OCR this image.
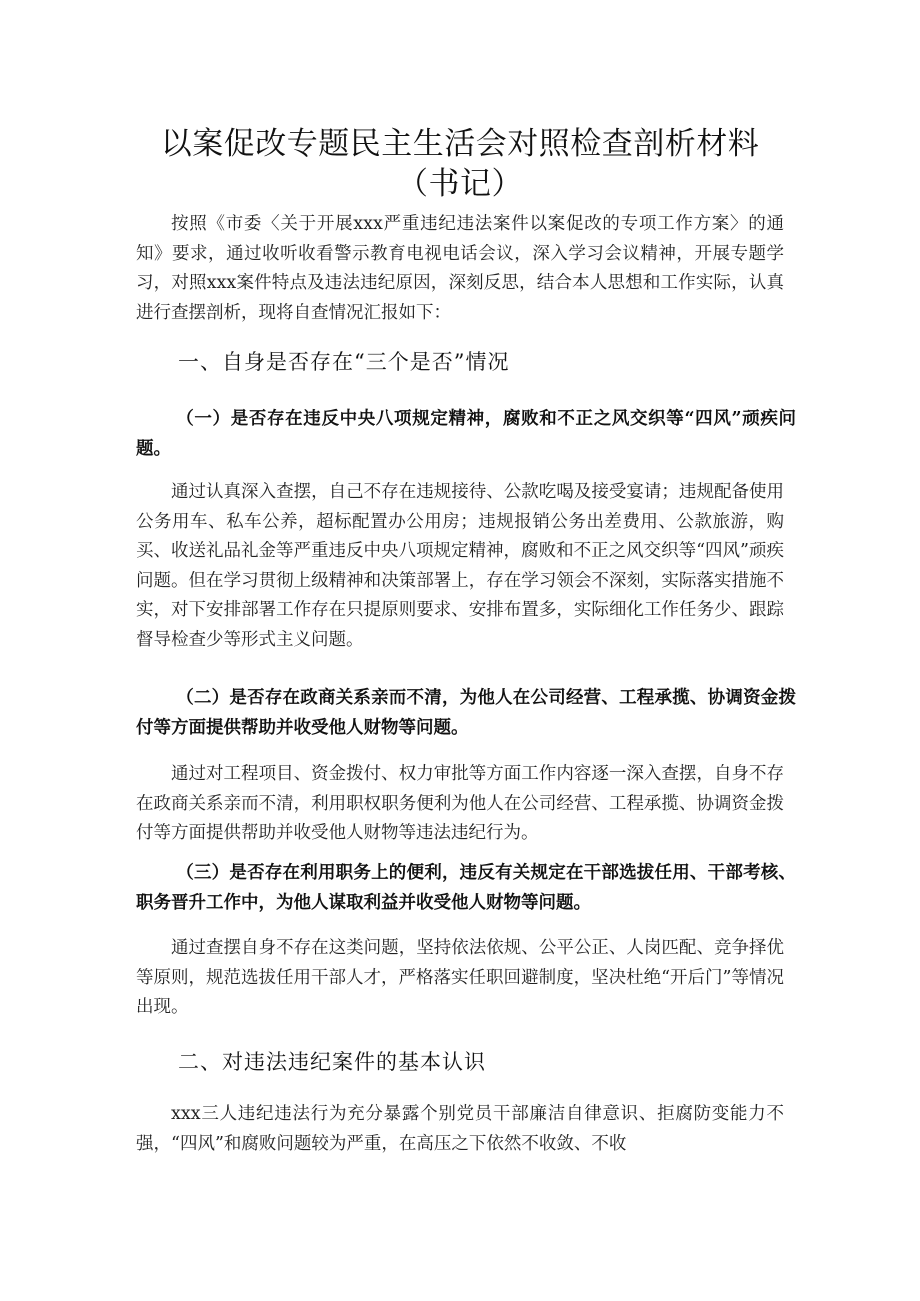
以案促改专题民主生活会对照检查剖析材料
（书记）

按照《市委〈关于开展xxx严重违纪违法案件以案促改的专项工作方案〉的通知》要求，通过收听收看警示教育电视电话会议，深入学习会议精神，开展专题学习，对照xxx案件特点及违法违纪原因，深刻反思，结合本人思想和工作实际，认真进行查摆剖析，现将自查情况汇报如下：

一、自身是否存在“三个是否”情况

（一）是否存在违反中央八项规定精神，腐败和不正之风交织等“四风”顽疾问题。

通过认真深入查摆，自己不存在违规接待、公款吃喝及接受宴请；违规配备使用公务用车、私车公养，超标配置办公用房；违规报销公务出差费用、公款旅游，购买、收送礼品礼金等严重违反中央八项规定精神，腐败和不正之风交织等“四风”顽疾问题。但在学习贯彻上级精神和决策部署上，存在学习领会不深刻，实际落实措施不实，对下安排部署工作存在只提原则要求、安排布置多，实际细化工作任务少、跟踪督导检查少等形式主义问题。

（二）是否存在政商关系亲而不清，为他人在公司经营、工程承揽、协调资金拨付等方面提供帮助并收受他人财物等问题。

通过对工程项目、资金拨付、权力审批等方面工作内容逐一深入查摆，自身不存在政商关系亲而不清，利用职权职务便利为他人在公司经营、工程承揽、协调资金拨付等方面提供帮助并收受他人财物等违法违纪行为。

（三）是否存在利用职务上的便利，违反有关规定在干部选拔任用、干部考核、职务晋升工作中，为他人谋取利益并收受他人财物等问题。

通过查摆自身不存在这类问题，坚持依法依规、公平公正、人岗匹配、竞争择优等原则，规范选拔任用干部人才，严格落实任职回避制度，坚决杜绝“开后门”等情况出现。

二、对违法违纪案件的基本认识

xxx三人违纪违法行为充分暴露个别党员干部廉洁自律意识、拒腐防变能力不强，“四风”和腐败问题较为严重，在高压之下依然不收敛、不收
